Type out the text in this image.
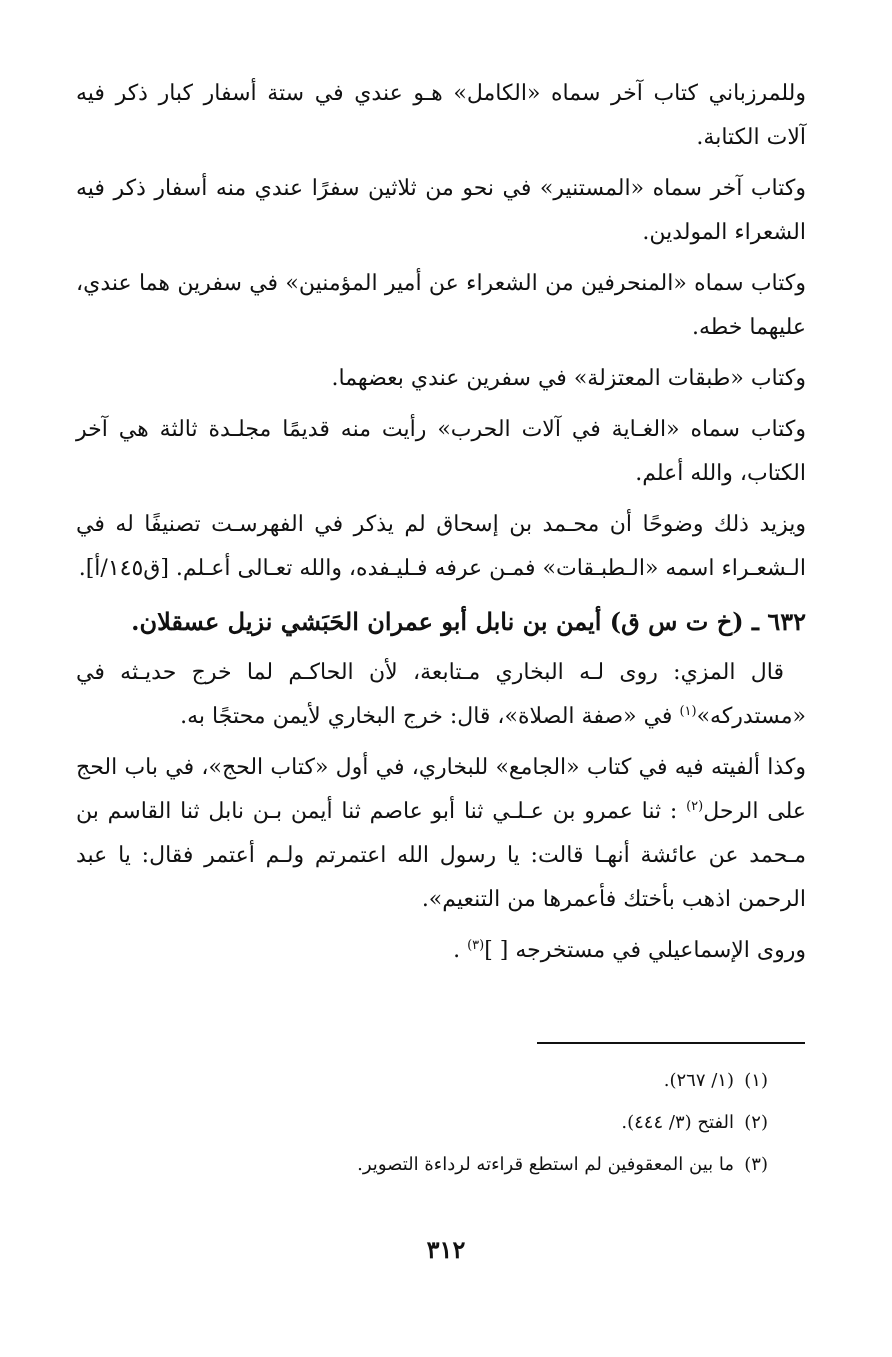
وللمرزباني كتاب آخر سماه «الكامل» هـو عندي في ستة أسفار كبار ذكر فيه آلات الكتابة.

وكتاب آخر سماه «المستنير» في نحو من ثلاثين سفرًا عندي منه أسفار ذكر فيه الشعراء المولدين.

وكتاب سماه «المنحرفين من الشعراء عن أمير المؤمنين» في سفرين هما عندي، عليهما خطه.

وكتاب «طبقات المعتزلة» في سفرين عندي بعضهما.

وكتاب سماه «الغـاية في آلات الحرب» رأيت منه قديمًا مجلـدة ثالثة هي آخر الكتاب، والله أعلم.

ويزيد ذلك وضوحًا أن محـمد بن إسحاق لم يذكر في الفهرسـت تصنيفًا له في الـشعـراء اسمه «الـطبـقات» فمـن عرفه فـليـفده، والله تعـالى أعـلم. [ق١٤٥/أ].

٦٣٢ ـ (خ ت س ق) أيمن بن نابل أبو عمران الحَبَشي نزيل عسقلان.

قال المزي: روى لـه البخاري مـتابعة، لأن الحاكـم لما خرج حديـثه في «مستدركه»$^{(١)}$ في «صفة الصلاة»، قال: خرج البخاري لأيمن محتجًا به.

وكذا ألفيته فيه في كتاب «الجامع» للبخاري، في أول «كتاب الحج»، في باب الحج على الرحل$^{(٢)}$ : ثنا عمرو بن عـلـي ثنا أبو عاصم ثنا أيمن بـن نابل ثنا القاسم بن مـحمد عن عائشة أنهـا قالت: يا رسول الله اعتمرتم ولـم أعتمر فقال: يا عبد الرحمن اذهب بأختك فأعمرها من التنعيم».

وروى الإسماعيلي في مستخرجه [ ]$^{(٣)}$ .

(١)(١/ ٢٦٧).

(٢)الفتح (٣/ ٤٤٤).

(٣)ما بين المعقوفين لم استطع قراءته لرداءة التصوير.

٣١٢
